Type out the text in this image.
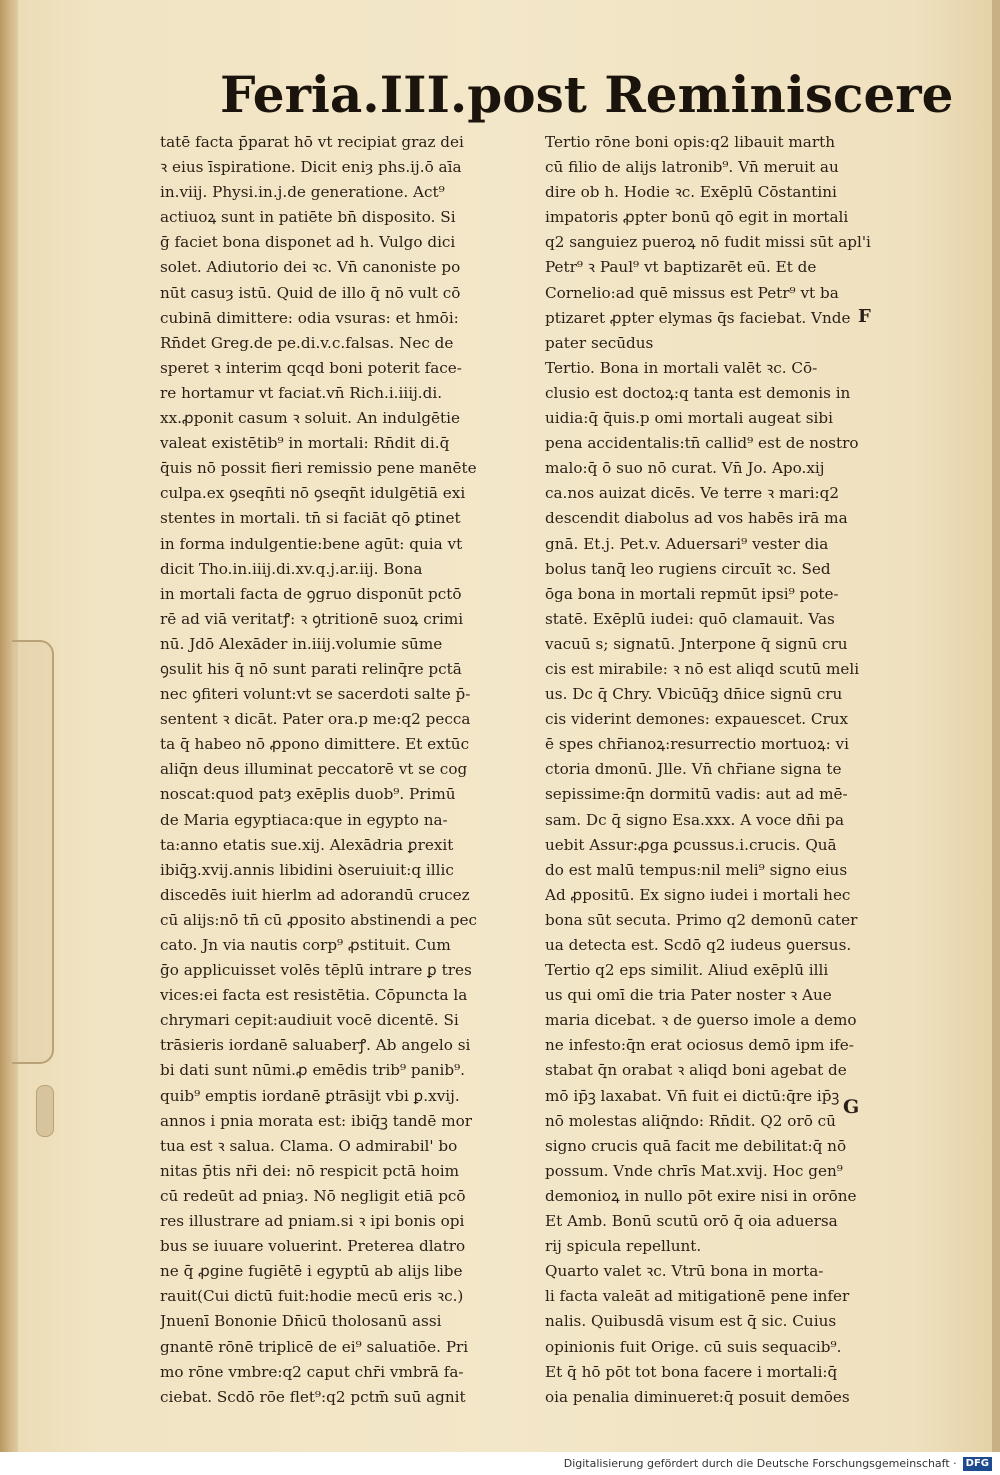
Feria.III.post Reminiscere
tatē facta p̄parat hō vt recipiat graz dei
ꝛ eius īspiratione. Dicit eniȝ phs.ij.ō aīa
in.viij. Physi.in.j.de generatione. Act⁹
actiuoꝝ sunt in patiēte bn̄ disposito. Si
ḡ faciet bona disponet ad h. Vulgo dici
solet. Adiutorio dei ꝛc. Vn̄ canoniste po
nūt casuȝ istū. Quid de illo q̄ nō vult cō
cubinā dimittere: odia vsuras: et hmōi:
Rn̄det Greg.de pe.di.v.c.falsas. Nec de
speret ꝛ interim qcqd boni poterit face-
re hortamur vt faciat.vn̄ Rich.i.iiij.di.
xx.ꝓponit casum ꝛ soluit. An indulgētie
valeat existētib⁹ in mortali: Rn̄dit di.q̄
q̄uis nō possit fieri remissio pene manēte
culpa.ex ꝯseqn̄ti nō ꝯseqn̄t idulgētiā exi
stentes in mortali. tn̄ si faciāt qō ꝑtinet
in forma indulgentie:bene agūt: quia vt
dicit Tho.in.iiij.di.xv.q.j.ar.iij. Bona
in mortali facta de ꝯgruo disponūt pctō
rē ad viā veritatꝭ: ꝛ ꝯtritionē suoꝝ crimi
nū. Jdō Alexāder in.iiij.volumie sūme
ꝯsulit his q̄ nō sunt parati relinq̄re pctā
nec ꝯfiteri volunt:vt se sacerdoti salte p̄-
sentent ꝛ dicāt. Pater ora.p me:q2 pecca
ta q̄ habeo nō ꝓpono dimittere. Et extūc
aliq̄n deus illuminat peccatorē vt se cog
noscat:quod patȝ exēplis duob⁹. Primū
de Maria egyptiaca:que in egypto na-
ta:anno etatis sue.xij. Alexādria ꝑrexit
ibiq̄ꝫ.xvij.annis libidini ꝺseruiuit:q illic
discedēs iuit hierlm ad adorandū crucez
cū alijs:nō tn̄ cū ꝓposito abstinendi a pec
cato. Jn via nautis corp⁹ ꝓstituit. Cum
ḡo applicuisset volēs tēplū intrare ꝑ tres
vices:ei facta est resistētia. Cōpuncta la
chrymari cepit:audiuit vocē dicentē. Si
trāsieris iordanē saluaberꝭ. Ab angelo si
bi dati sunt nūmi.ꝓ emēdis trib⁹ panib⁹.
quib⁹ emptis iordanē ꝑtrāsijt vbi ꝑ.xvij.
annos i pnia morata est: ibiq̄ꝫ tandē mor
tua est ꝛ salua. Clama. O admirabil' bo
nitas p̄tis nr̄i dei: nō respicit pctā hoim
cū redeūt ad pniaȝ. Nō negligit etiā pcō
res illustrare ad pniam.si ꝛ ipi bonis opi
bus se iuuare voluerint. Preterea dlatro
ne q̄ ꝓgine fugiētē i egyptū ab alijs libe
rauit(Cui dictū fuit:hodie mecū eris ꝛc.)
Jnuenī Bononie Dn̄icū tholosanū assi
gnantē rōnē triplicē de ei⁹ saluatiōe. Pri
mo rōne vmbre:q2 caput chr̄i vmbrā fa-
ciebat. Scdō rōe flet⁹:q2 pctm̄ suū agnit
Tertio rōne boni opis:q2 libauit marth
cū filio de alijs latronib⁹. Vn̄ meruit au
dire ob h. Hodie ꝛc. Exēplū Cōstantini
impatoris ꝓpter bonū qō egit in mortali
q2 sanguiez pueroꝝ nō fudit missi sūt apl'i
Petr⁹ ꝛ Paul⁹ vt baptizarēt eū. Et de
Cornelio:ad quē missus est Petr⁹ vt ba
ptizaret ꝓpter elymas q̄s faciebat. Vnde
pater secūdus
Tertio. Bona in mortali valēt ꝛc. Cō-
clusio est doctoꝝ:q tanta est demonis in
uidia:q̄ q̄uis.p omi mortali augeat sibi
pena accidentalis:tn̄ callid⁹ est de nostro
malo:q̄ ō suo nō curat. Vn̄ Jo. Apo.xij
ca.nos auizat dicēs. Ve terre ꝛ mari:q2
descendit diabolus ad vos habēs irā ma
gnā. Et.j. Pet.v. Aduersari⁹ vester dia
bolus tanq̄ leo rugiens circuīt ꝛc. Sed
ōga bona in mortali repmūt ipsi⁹ pote-
statē. Exēplū iudei: quō clamauit. Vas
vacuū s; signatū. Jnterpone q̄ signū cru
cis est mirabile: ꝛ nō est aliqd scutū meli
us. Dc q̄ Chry. Vbicūq̄ꝫ dn̄ice signū cru
cis viderint demones: expauescet. Crux
ē spes chr̄ianoꝝ:resurrectio mortuoꝝ: vi
ctoria dmonū. Jlle. Vn̄ chr̄iane signa te
sepissime:q̄n dormitū vadis: aut ad mē-
sam. Dc q̄ signo Esa.xxx. A voce dn̄i pa
uebit Assur:ꝓga ꝑcussus.i.crucis. Quā
do est malū tempus:nil meli⁹ signo eius
Ad ꝓpositū. Ex signo iudei i mortali hec
bona sūt secuta. Primo q2 demonū cater
ua detecta est. Scdō q2 iudeus ꝯuersus.
Tertio q2 eps similit. Aliud exēplū illi
us qui omī die tria Pater noster ꝛ Aue
maria dicebat. ꝛ de ꝯuerso imole a demo
ne infesto:q̄n erat ociosus demō ipm ife-
stabat q̄n orabat ꝛ aliqd boni agebat de
mō ip̄ꝫ laxabat. Vn̄ fuit ei dictū:q̄re ip̄ꝫ
nō molestas aliq̄ndo: Rn̄dit. Q2 orō cū
signo crucis quā facit me debilitat:q̄ nō
possum. Vnde chrīs Mat.xvij. Hoc gen⁹
demonioꝝ in nullo pōt exire nisi in orōne
Et Amb. Bonū scutū orō q̄ oia aduersa
rij spicula repellunt.
Quarto valet ꝛc. Vtrū bona in morta-
li facta valeāt ad mitigationē pene infer
nalis. Quibusdā visum est q̄ sic. Cuius
opinionis fuit Orige. cū suis sequacib⁹.
Et q̄ hō pōt tot bona facere i mortali:q̄
oia penalia diminueret:q̄ posuit demōes
F
G
Digitalisierung gefördert durch die Deutsche Forschungsgemeinschaft · DFG
